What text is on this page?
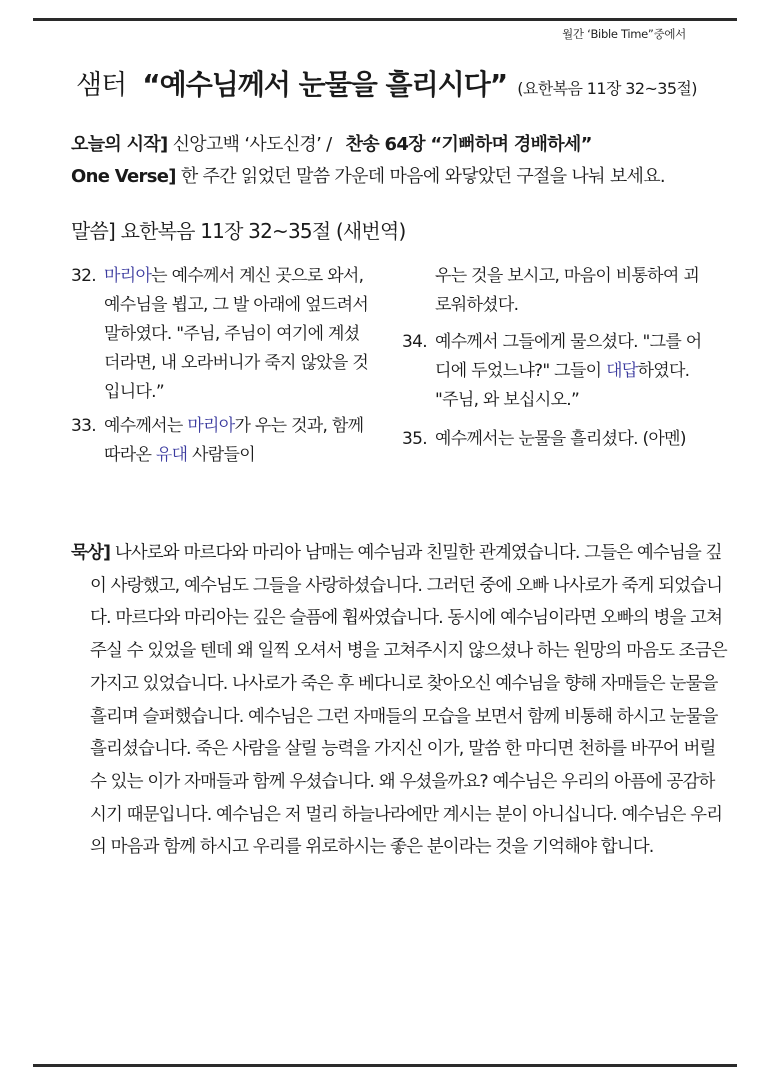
월간 ‘Bible Time”중에서
샘터 “예수님께서 눈물을 흘리시다” (요한복음 11장 32~35절)
오늘의 시작] 신앙고백 ‘사도신경’ / 찬송 64장 “기뻐하며 경배하세”
One Verse] 한 주간 읽었던 말씀 가운데 마음에 와닿았던 구절을 나눠 보세요.
말씀] 요한복음 11장 32~35절 (새번역)
32. 마리아는 예수께서 계신 곳으로 와서, 예수님을 뵙고, 그 발 아래에 엎드려서 말하였다. "주님, 주님이 여기에 계셨더라면, 내 오라버니가 죽지 않았을 것입니다.”
33. 예수께서는 마리아가 우는 것과, 함께 따라온 유대 사람들이
우는 것을 보시고, 마음이 비통하여 괴로워하셨다.
34. 예수께서 그들에게 물으셨다. "그를 어디에 두었느냐?" 그들이 대답하였다. "주님, 와 보십시오.”
35. 예수께서는 눈물을 흘리셨다. (아멘)
묵상] 나사로와 마르다와 마리아 남매는 예수님과 친밀한 관계였습니다. 그들은 예수님을 깊이 사랑했고, 예수님도 그들을 사랑하셨습니다. 그러던 중에 오빠 나사로가 죽게 되었습니다. 마르다와 마리아는 깊은 슬픔에 휩싸였습니다. 동시에 예수님이라면 오빠의 병을 고쳐주실 수 있었을 텐데 왜 일찍 오셔서 병을 고쳐주시지 않으셨나 하는 원망의 마음도 조금은 가지고 있었습니다. 나사로가 죽은 후 베다니로 찾아오신 예수님을 향해 자매들은 눈물을 흘리며 슬퍼했습니다. 예수님은 그런 자매들의 모습을 보면서 함께 비통해 하시고 눈물을 흘리셨습니다. 죽은 사람을 살릴 능력을 가지신 이가, 말씀 한 마디면 천하를 바꾸어 버릴 수 있는 이가 자매들과 함께 우셨습니다. 왜 우셨을까요? 예수님은 우리의 아픔에 공감하시기 때문입니다. 예수님은 저 멀리 하늘나라에만 계시는 분이 아니십니다. 예수님은 우리의 마음과 함께 하시고 우리를 위로하시는 좋은 분이라는 것을 기억해야 합니다.
